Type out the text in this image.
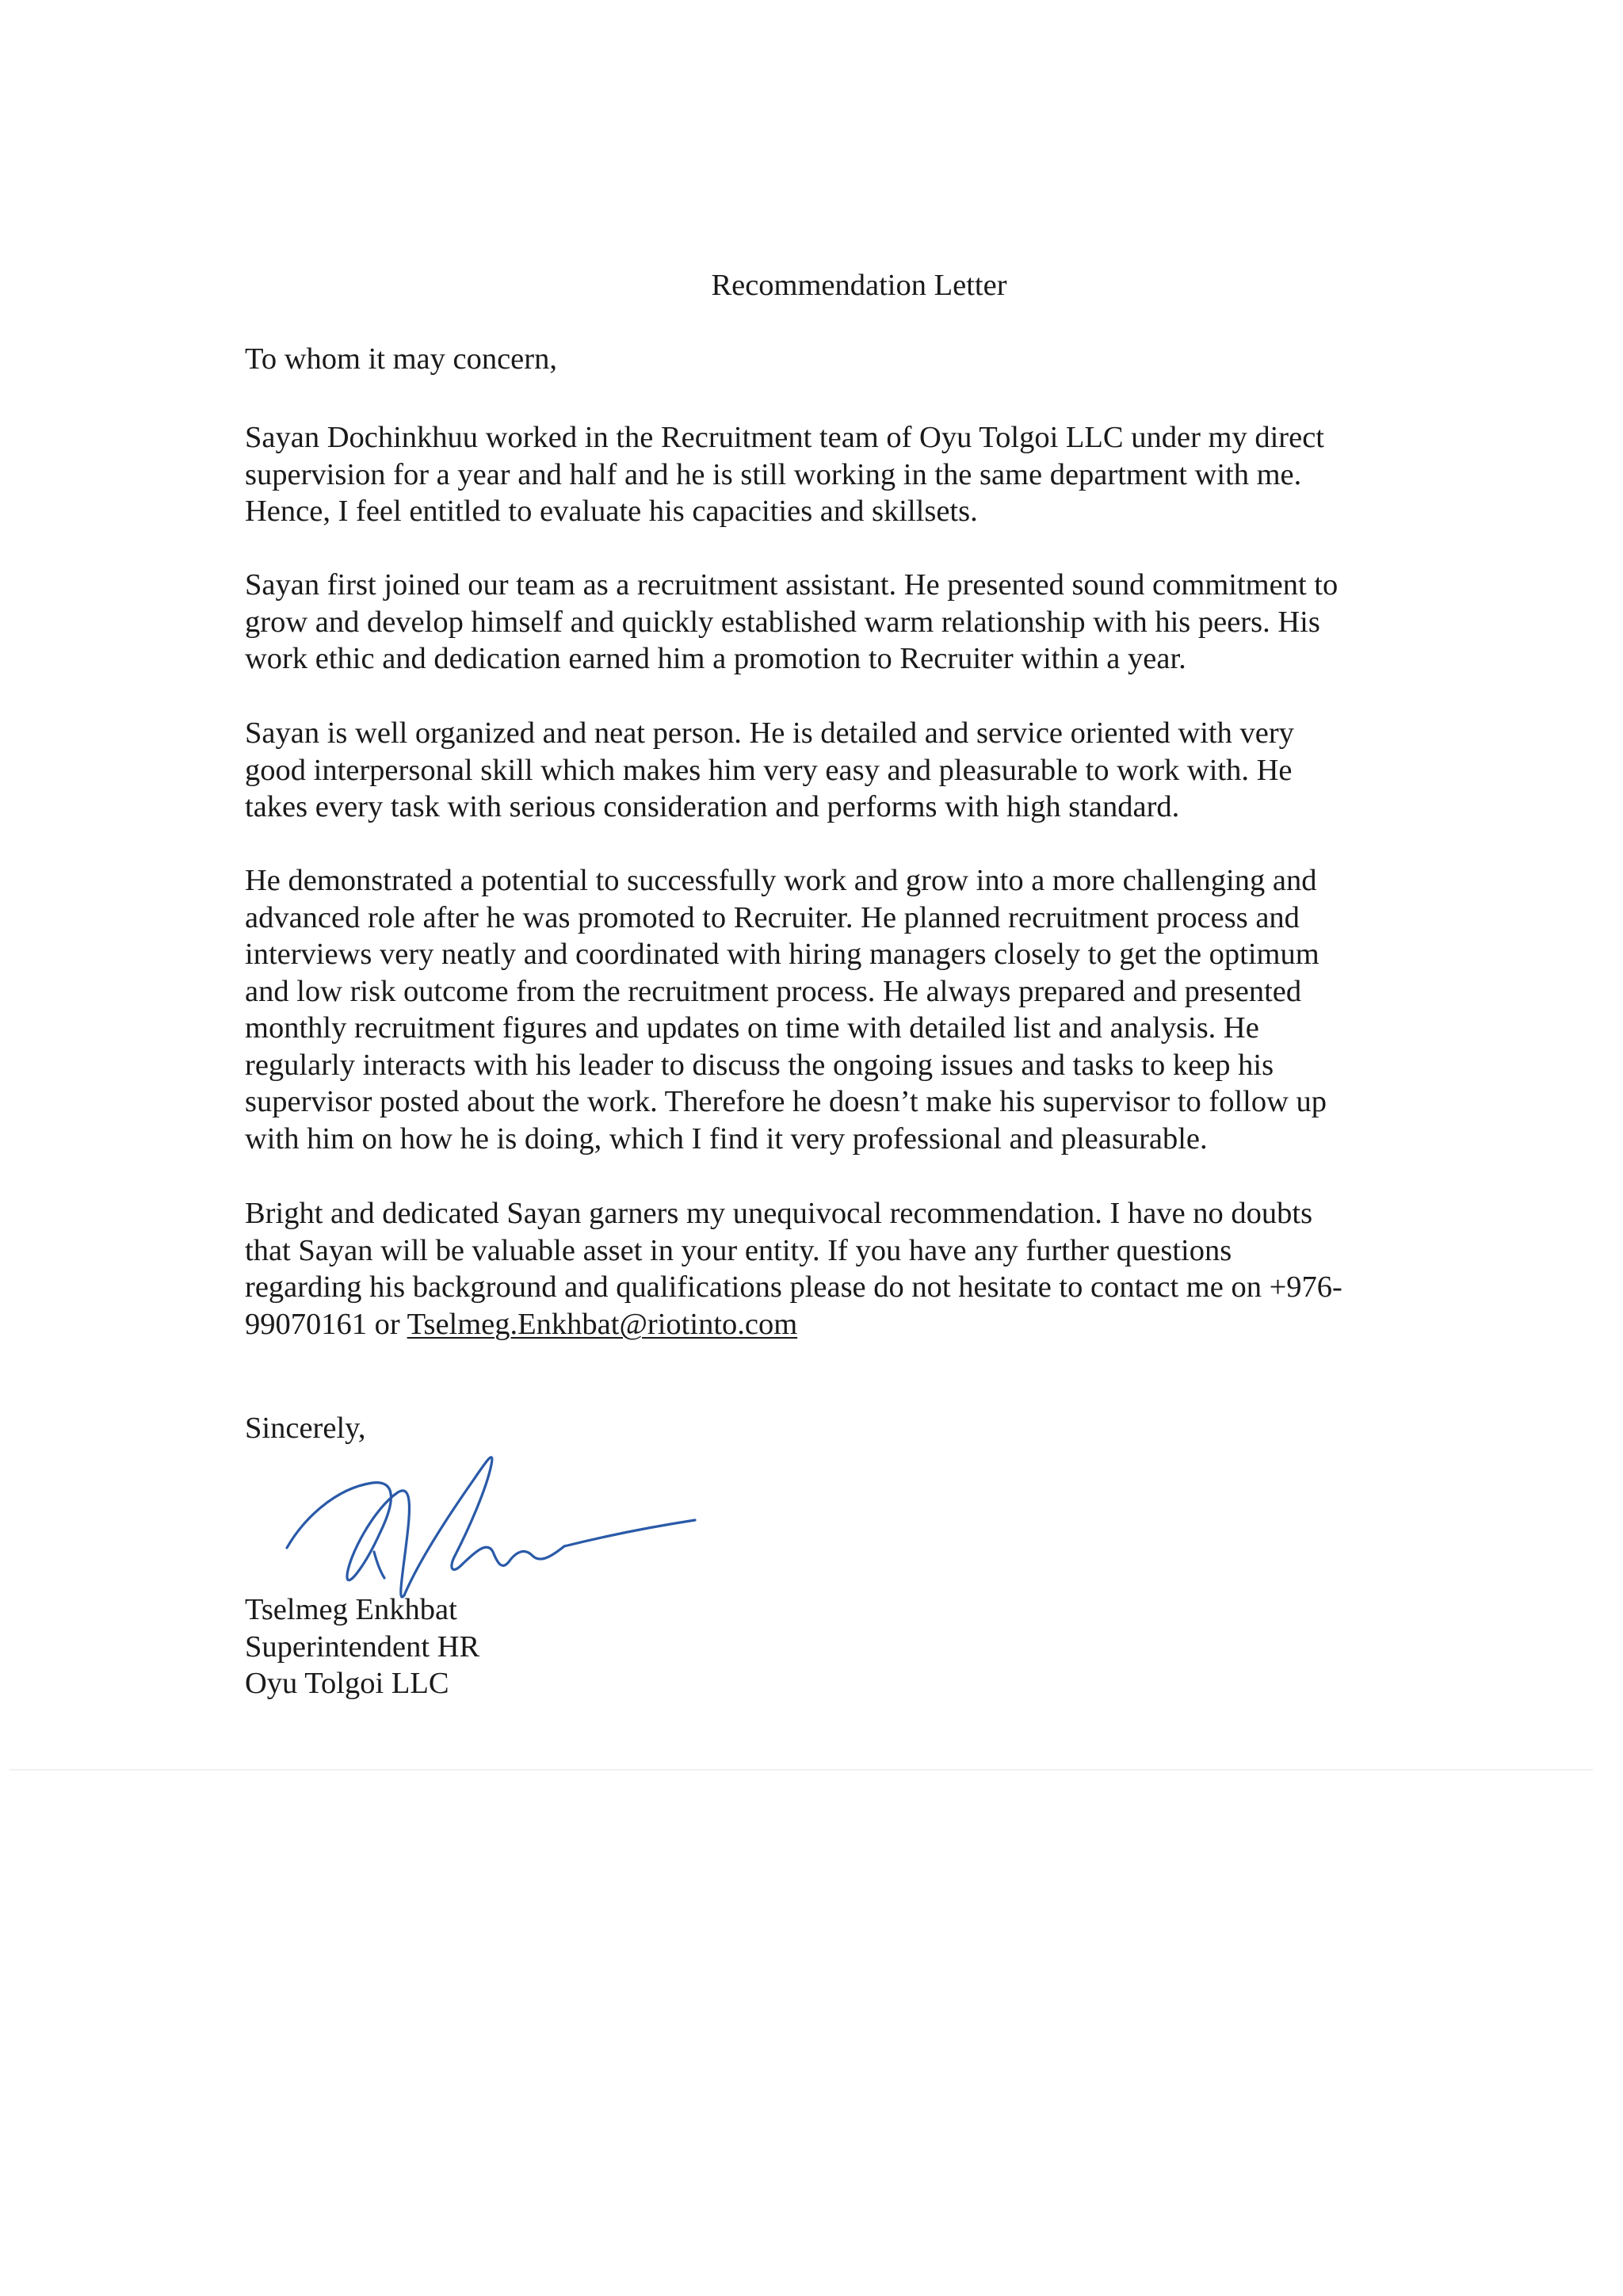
Recommendation Letter
To whom it may concern,
Sayan Dochinkhuu worked in the Recruitment team of Oyu Tolgoi LLC under my direct
supervision for a year and half and he is still working in the same department with me.
Hence, I feel entitled to evaluate his capacities and skillsets.
Sayan first joined our team as a recruitment assistant. He presented sound commitment to
grow and develop himself and quickly established warm relationship with his peers. His
work ethic and dedication earned him a promotion to Recruiter within a year.
Sayan is well organized and neat person. He is detailed and service oriented with very
good interpersonal skill which makes him very easy and pleasurable to work with. He
takes every task with serious consideration and performs with high standard.
He demonstrated a potential to successfully work and grow into a more challenging and
advanced role after he was promoted to Recruiter. He planned recruitment process and
interviews very neatly and coordinated with hiring managers closely to get the optimum
and low risk outcome from the recruitment process. He always prepared and presented
monthly recruitment figures and updates on time with detailed list and analysis. He
regularly interacts with his leader to discuss the ongoing issues and tasks to keep his
supervisor posted about the work. Therefore he doesn’t make his supervisor to follow up
with him on how he is doing, which I find it very professional and pleasurable.
Bright and dedicated Sayan garners my unequivocal recommendation. I have no doubts
that Sayan will be valuable asset in your entity. If you have any further questions
regarding his background and qualifications please do not hesitate to contact me on +976-
99070161 or Tselmeg.Enkhbat@riotinto.com
Sincerely,
Tselmeg Enkhbat
Superintendent HR
Oyu Tolgoi LLC
